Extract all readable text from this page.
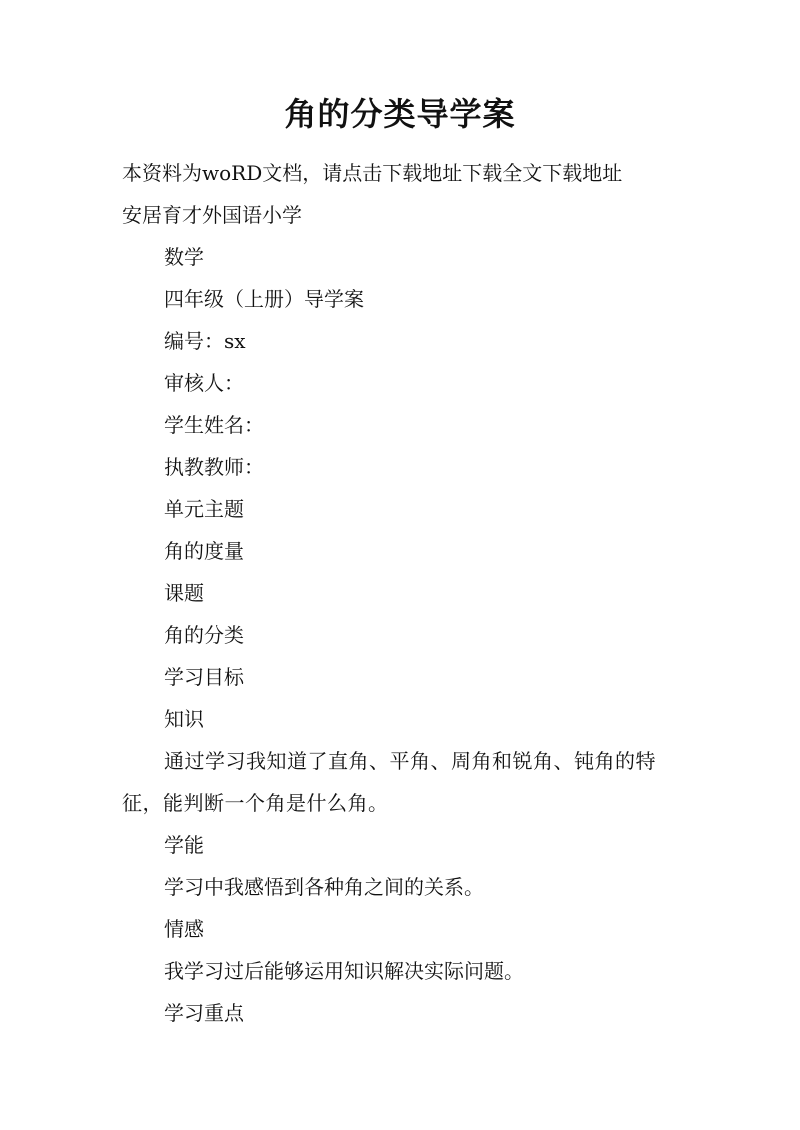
角的分类导学案

本资料为woRD文档，请点击下载地址下载全文下载地址

安居育才外国语小学

数学

四年级（上册）导学案

编号：sx

审核人：

学生姓名：

执教教师：

单元主题

角的度量

课题

角的分类

学习目标

知识

通过学习我知道了直角、平角、周角和锐角、钝角的特征，能判断一个角是什么角。

学能

学习中我感悟到各种角之间的关系。

情感

我学习过后能够运用知识解决实际问题。

学习重点
